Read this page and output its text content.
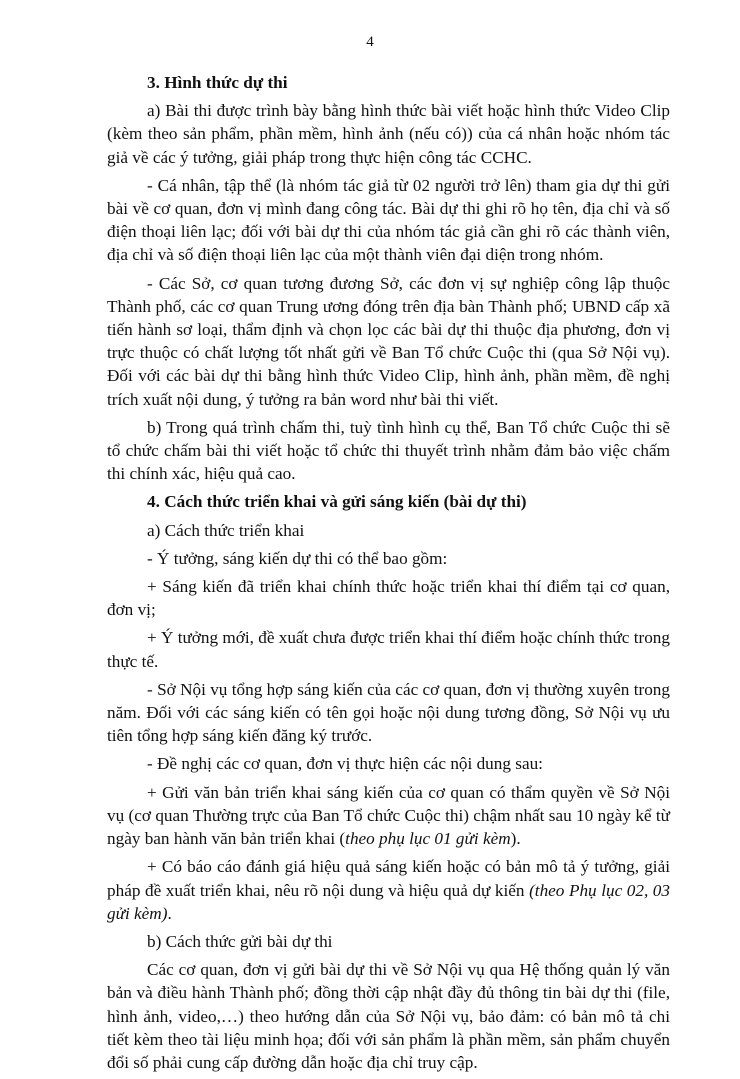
4

3. Hình thức dự thi

a) Bài thi được trình bày bằng hình thức bài viết hoặc hình thức Video Clip (kèm theo sản phẩm, phần mềm, hình ảnh (nếu có)) của cá nhân hoặc nhóm tác giả về các ý tưởng, giải pháp trong thực hiện công tác CCHC.

- Cá nhân, tập thể (là nhóm tác giả từ 02 người trở lên) tham gia dự thi gửi bài về cơ quan, đơn vị mình đang công tác. Bài dự thi ghi rõ họ tên, địa chỉ và số điện thoại liên lạc; đối với bài dự thi của nhóm tác giả cần ghi rõ các thành viên, địa chỉ và số điện thoại liên lạc của một thành viên đại diện trong nhóm.

- Các Sở, cơ quan tương đương Sở, các đơn vị sự nghiệp công lập thuộc Thành phố, các cơ quan Trung ương đóng trên địa bàn Thành phố; UBND cấp xã tiến hành sơ loại, thẩm định và chọn lọc các bài dự thi thuộc địa phương, đơn vị trực thuộc có chất lượng tốt nhất gửi về Ban Tổ chức Cuộc thi (qua Sở Nội vụ). Đối với các bài dự thi bằng hình thức Video Clip, hình ảnh, phần mềm, đề nghị trích xuất nội dung, ý tưởng ra bản word như bài thi viết.

b) Trong quá trình chấm thi, tuỳ tình hình cụ thể, Ban Tổ chức Cuộc thi sẽ tổ chức chấm bài thi viết hoặc tổ chức thi thuyết trình nhằm đảm bảo việc chấm thi chính xác, hiệu quả cao.

4. Cách thức triển khai và gửi sáng kiến (bài dự thi)

a) Cách thức triển khai

- Ý tưởng, sáng kiến dự thi có thể bao gồm:

+ Sáng kiến đã triển khai chính thức hoặc triển khai thí điểm tại cơ quan, đơn vị;

+ Ý tưởng mới, đề xuất chưa được triển khai thí điểm hoặc chính thức trong thực tế.

- Sở Nội vụ tổng hợp sáng kiến của các cơ quan, đơn vị thường xuyên trong năm. Đối với các sáng kiến có tên gọi hoặc nội dung tương đồng, Sở Nội vụ ưu tiên tổng hợp sáng kiến đăng ký trước.

- Đề nghị các cơ quan, đơn vị thực hiện các nội dung sau:

+ Gửi văn bản triển khai sáng kiến của cơ quan có thẩm quyền về Sở Nội vụ (cơ quan Thường trực của Ban Tổ chức Cuộc thi) chậm nhất sau 10 ngày kể từ ngày ban hành văn bản triển khai (theo phụ lục 01 gửi kèm).

+ Có báo cáo đánh giá hiệu quả sáng kiến hoặc có bản mô tả ý tưởng, giải pháp đề xuất triển khai, nêu rõ nội dung và hiệu quả dự kiến (theo Phụ lục 02, 03 gửi kèm).

b) Cách thức gửi bài dự thi

Các cơ quan, đơn vị gửi bài dự thi về Sở Nội vụ qua Hệ thống quản lý văn bản và điều hành Thành phố; đồng thời cập nhật đầy đủ thông tin bài dự thi (file, hình ảnh, video,…) theo hướng dẫn của Sở Nội vụ, bảo đảm: có bản mô tả chi tiết kèm theo tài liệu minh họa; đối với sản phẩm là phần mềm, sản phẩm chuyển đổi số phải cung cấp đường dẫn hoặc địa chỉ truy cập.
